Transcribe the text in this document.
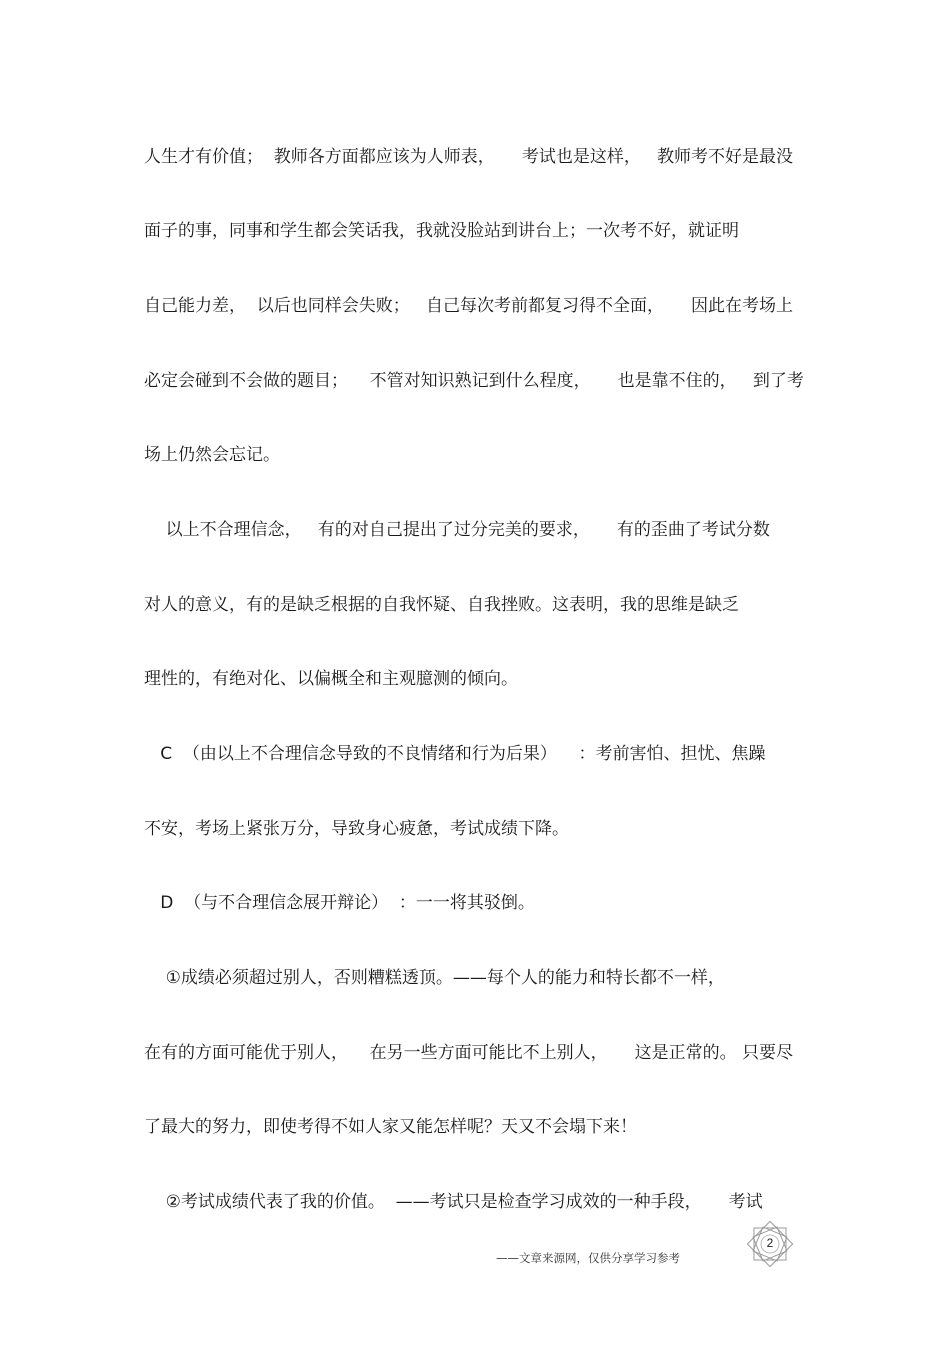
人生才有价值；  教师各方面都应该为人师表，     考试也是这样，   教师考不好是最没
面子的事，同事和学生都会笑话我，我就没脸站到讲台上；一次考不好，就证明
自己能力差，  以后也同样会失败；   自己每次考前都复习得不全面，     因此在考场上
必定会碰到不会做的题目；    不管对知识熟记到什么程度，     也是靠不住的，   到了考
场上仍然会忘记。
以上不合理信念，   有的对自己提出了过分完美的要求，     有的歪曲了考试分数
对人的意义，有的是缺乏根据的自我怀疑、自我挫败。这表明，我的思维是缺乏
理性的，有绝对化、以偏概全和主观臆测的倾向。
C  （由以上不合理信念导致的不良情绪和行为后果）    ：考前害怕、担忧、焦躁
不安，考场上紧张万分，导致身心疲惫，考试成绩下降。
D  （与不合理信念展开辩论）  ：一一将其驳倒。
①成绩必须超过别人，否则糟糕透顶。——每个人的能力和特长都不一样，
在有的方面可能优于别人，    在另一些方面可能比不上别人，     这是正常的。 只要尽
了最大的努力，即使考得不如人家又能怎样呢？天又不会塌下来！
②考试成绩代表了我的价值。  ——考试只是检查学习成效的一种手段，     考试
——文章来源网，仅供分享学习参考
2
